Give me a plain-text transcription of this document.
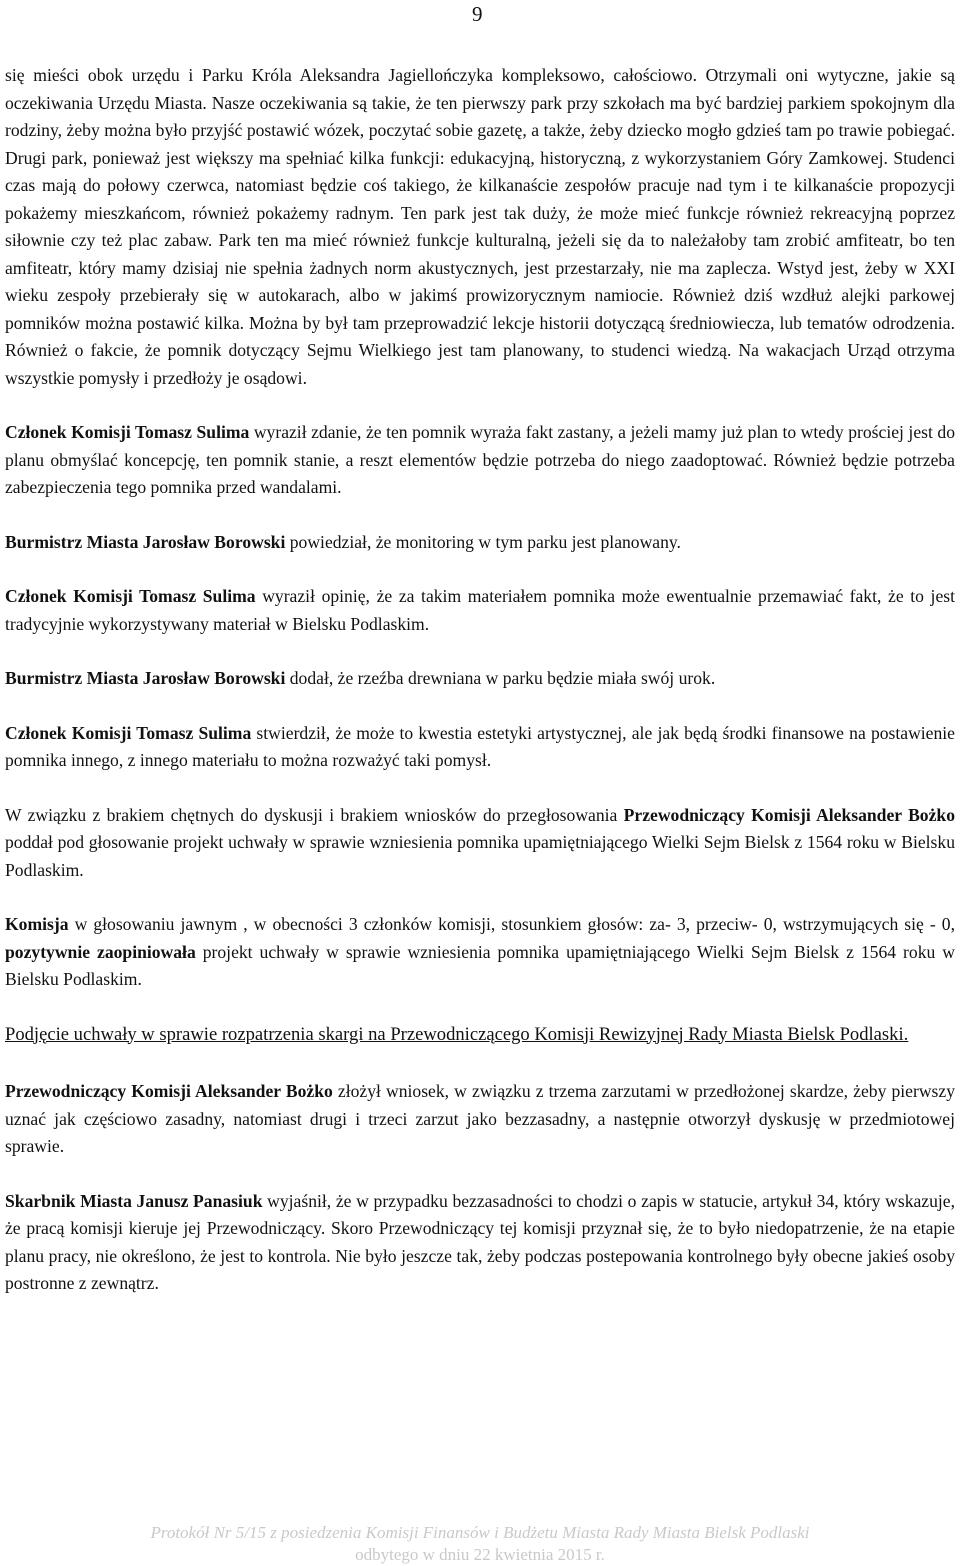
9

się mieści obok urzędu i Parku Króla Aleksandra Jagiellończyka kompleksowo, całościowo. Otrzymali oni wytyczne, jakie są oczekiwania Urzędu Miasta. Nasze oczekiwania są takie, że ten pierwszy park przy szkołach ma być bardziej parkiem spokojnym dla rodziny, żeby można było przyjść postawić wózek, poczytać sobie gazetę, a także, żeby dziecko mogło gdzieś tam po trawie pobiegać. Drugi park, ponieważ jest większy ma spełniać kilka funkcji: edukacyjną, historyczną, z wykorzystaniem Góry Zamkowej. Studenci czas mają do połowy czerwca, natomiast będzie coś takiego, że kilkanaście zespołów pracuje nad tym i te kilkanaście propozycji pokażemy mieszkańcom, również pokażemy radnym. Ten park jest tak duży, że może mieć funkcje również rekreacyjną poprzez siłownie czy też plac zabaw. Park ten ma mieć również funkcje kulturalną, jeżeli się da to należałoby tam zrobić amfiteatr, bo ten amfiteatr, który mamy dzisiaj nie spełnia żadnych norm akustycznych, jest przestarzały, nie ma zaplecza. Wstyd jest, żeby w XXI wieku zespoły przebierały się w autokarach, albo w jakimś prowizorycznym namiocie. Również dziś wzdłuż alejki parkowej pomników można postawić kilka. Można by był tam przeprowadzić lekcje historii dotyczącą średniowiecza, lub tematów odrodzenia. Również o fakcie, że pomnik dotyczący Sejmu Wielkiego jest tam planowany, to studenci wiedzą. Na wakacjach Urząd otrzyma wszystkie pomysły i przedłoży je osądowi.

Członek Komisji Tomasz Sulima wyraził zdanie, że ten pomnik wyraża fakt zastany, a jeżeli mamy już plan to wtedy prościej jest do planu obmyślać koncepcję, ten pomnik stanie, a reszt elementów będzie potrzeba do niego zaadoptować. Również będzie potrzeba zabezpieczenia tego pomnika przed wandalami.

Burmistrz Miasta Jarosław Borowski powiedział, że monitoring w tym parku jest planowany.

Członek Komisji Tomasz Sulima wyraził opinię, że za takim materiałem pomnika może ewentualnie przemawiać fakt, że to jest tradycyjnie wykorzystywany materiał w Bielsku Podlaskim.

Burmistrz Miasta Jarosław Borowski dodał, że rzeźba drewniana w parku będzie miała swój urok.

Członek Komisji Tomasz Sulima stwierdził, że może to kwestia estetyki artystycznej, ale jak będą środki finansowe na postawienie pomnika innego, z innego materiału to można rozważyć taki pomysł.

W związku z brakiem chętnych do dyskusji i brakiem wniosków do przegłosowania Przewodniczący Komisji Aleksander Bożko poddał pod głosowanie projekt uchwały w sprawie wzniesienia pomnika upamiętniającego Wielki Sejm Bielsk z 1564 roku w Bielsku Podlaskim.

Komisja w głosowaniu jawnym , w obecności 3 członków komisji, stosunkiem głosów: za- 3, przeciw- 0, wstrzymujących się - 0, pozytywnie zaopiniowała projekt uchwały w sprawie wzniesienia pomnika upamiętniającego Wielki Sejm Bielsk z 1564 roku w Bielsku Podlaskim.

Podjęcie uchwały w sprawie rozpatrzenia skargi na Przewodniczącego Komisji Rewizyjnej Rady Miasta Bielsk Podlaski.

Przewodniczący Komisji Aleksander Bożko złożył wniosek, w związku z trzema zarzutami w przedłożonej skardze, żeby pierwszy uznać jak częściowo zasadny, natomiast drugi i trzeci zarzut jako bezzasadny, a następnie otworzył dyskusję w przedmiotowej sprawie.

Skarbnik Miasta Janusz Panasiuk wyjaśnił, że w przypadku bezzasadności to chodzi o zapis w statucie, artykuł 34, który wskazuje, że pracą komisji kieruje jej Przewodniczący. Skoro Przewodniczący tej komisji przyznał się, że to było niedopatrzenie, że na etapie planu pracy, nie określono, że jest to kontrola. Nie było jeszcze tak, żeby podczas postepowania kontrolnego były obecne jakieś osoby postronne z zewnątrz.

Protokół Nr 5/15 z posiedzenia Komisji Finansów i Budżetu Miasta Rady Miasta Bielsk Podlaski
odbytego w dniu 22 kwietnia 2015 r.
